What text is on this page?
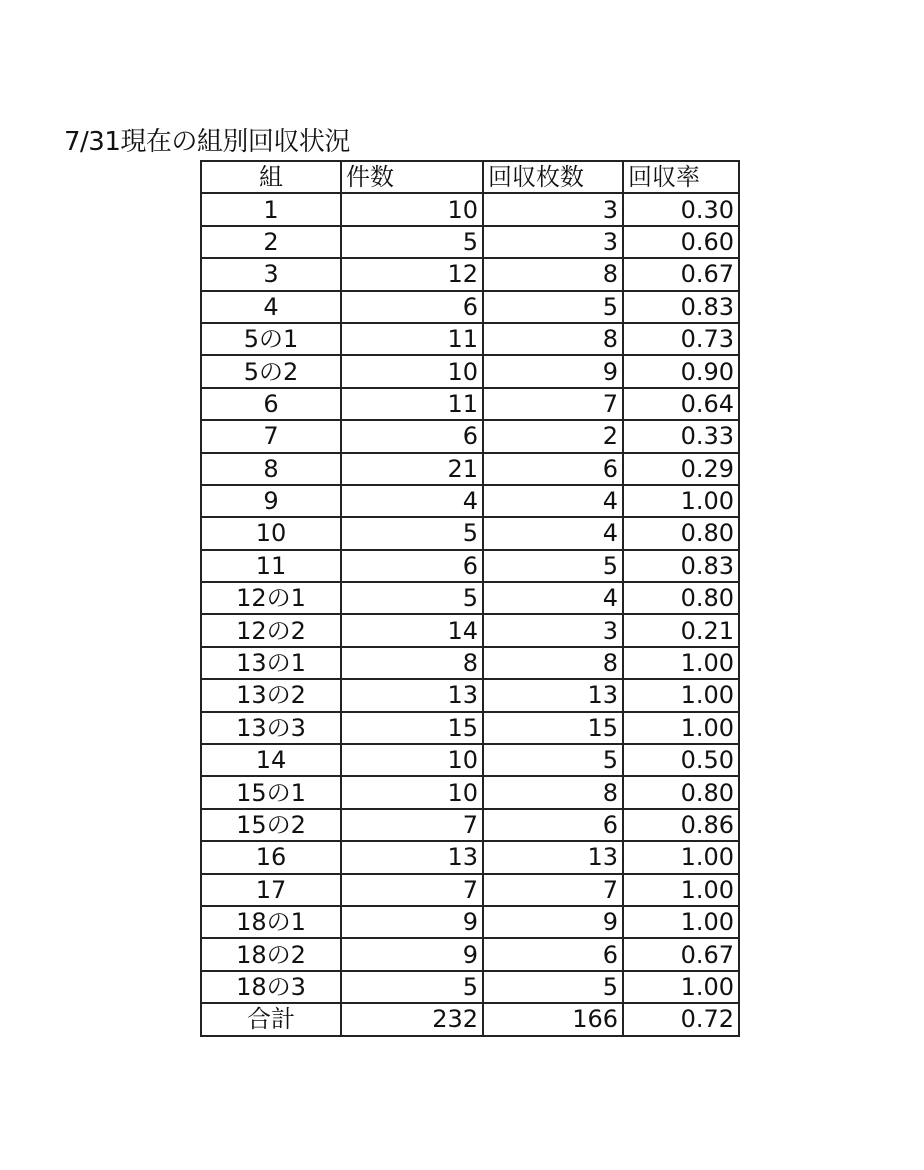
7/31現在の組別回収状況
組	件数	回収枚数	回収率
1	10	3	0.30
2	5	3	0.60
3	12	8	0.67
4	6	5	0.83
5の1	11	8	0.73
5の2	10	9	0.90
6	11	7	0.64
7	6	2	0.33
8	21	6	0.29
9	4	4	1.00
10	5	4	0.80
11	6	5	0.83
12の1	5	4	0.80
12の2	14	3	0.21
13の1	8	8	1.00
13の2	13	13	1.00
13の3	15	15	1.00
14	10	5	0.50
15の1	10	8	0.80
15の2	7	6	0.86
16	13	13	1.00
17	7	7	1.00
18の1	9	9	1.00
18の2	9	6	0.67
18の3	5	5	1.00
合計	232	166	0.72
